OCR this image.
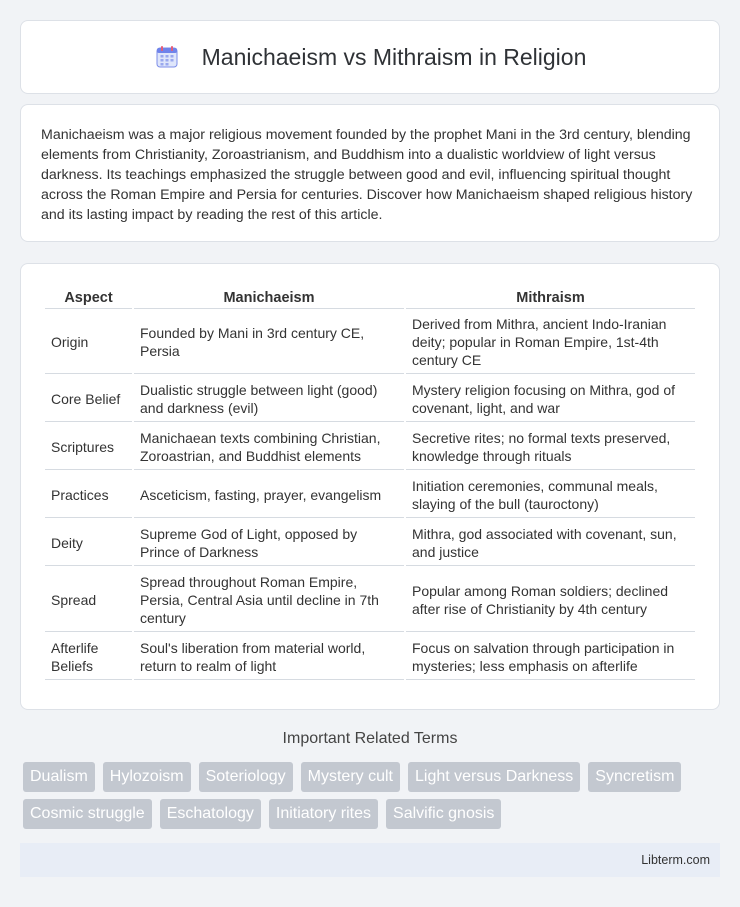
Manichaeism vs Mithraism in Religion

Manichaeism was a major religious movement founded by the prophet Mani in the 3rd century, blending elements from Christianity, Zoroastrianism, and Buddhism into a dualistic worldview of light versus darkness. Its teachings emphasized the struggle between good and evil, influencing spiritual thought across the Roman Empire and Persia for centuries. Discover how Manichaeism shaped religious history and its lasting impact by reading the rest of this article.

Aspect	Manichaeism	Mithraism
Origin	Founded by Mani in 3rd century CE, Persia	Derived from Mithra, ancient Indo-Iranian deity; popular in Roman Empire, 1st-4th century CE
Core Belief	Dualistic struggle between light (good) and darkness (evil)	Mystery religion focusing on Mithra, god of covenant, light, and war
Scriptures	Manichaean texts combining Christian, Zoroastrian, and Buddhist elements	Secretive rites; no formal texts preserved, knowledge through rituals
Practices	Asceticism, fasting, prayer, evangelism	Initiation ceremonies, communal meals, slaying of the bull (tauroctony)
Deity	Supreme God of Light, opposed by Prince of Darkness	Mithra, god associated with covenant, sun, and justice
Spread	Spread throughout Roman Empire, Persia, Central Asia until decline in 7th century	Popular among Roman soldiers; declined after rise of Christianity by 4th century
Afterlife Beliefs	Soul's liberation from material world, return to realm of light	Focus on salvation through participation in mysteries; less emphasis on afterlife
Important Related Terms
Dualism	Hylozoism	Soteriology	Mystery cult	Light versus Darkness	Syncretism
Cosmic struggle	Eschatology	Initiatory rites	Salvific gnosis
Libterm.com
